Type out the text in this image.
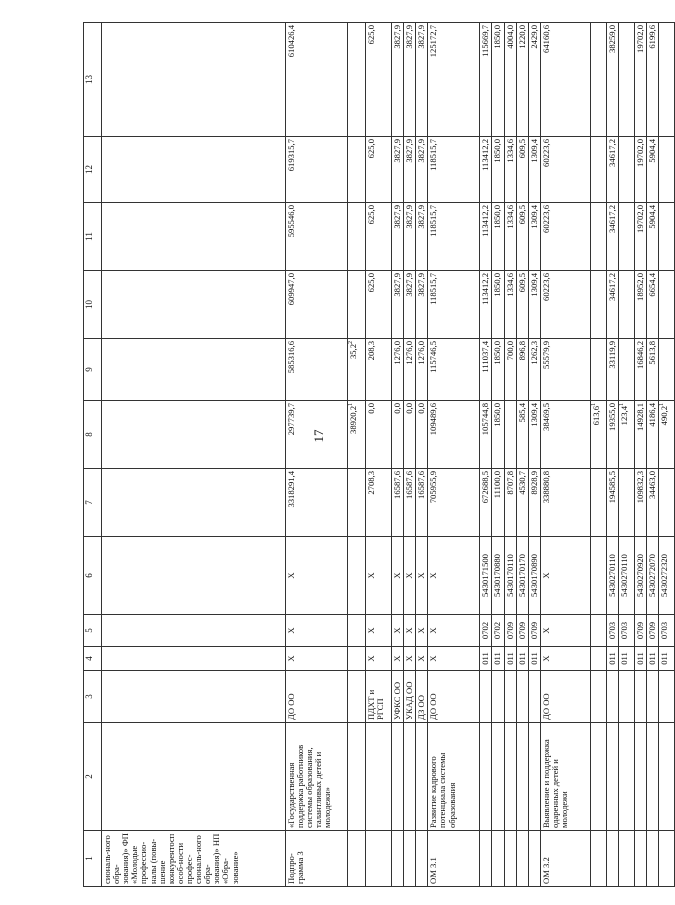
17
1	2	3	4	5	6	7	8	9	10	11	12	13
сиональ-ного обра-зования)» ФП «Молодые профессио-налы (повы-шение конкурентоспособ-ности профес-сиональ-ного обра-зования)» НП «Обра-зование»												
Подпро-грамма 3	«Государственная поддержка работников системы образования, талантливых детей и молодежи»	ДО ОО	X	X	X	3318291,4	297739,7	585316,6	609947,0	595546,0	619315,7	610426,4
							38920,2$^1$	35,2$^2$				
		ПДХТ и РГСП	X	X	X	2708,3	0,0	208,3	625,0	625,0	625,0	625,0
		УФКС ОО	X	X	X	16587,6	0,0	1276,0	3827,9	3827,9	3827,9	3827,9
		УКАД ОО	X	X	X	16587,6	0,0	1276,0	3827,9	3827,9	3827,9	3827,9
		ДЗ ОО	X	X	X	16587,6	0,0	1276,0	3827,9	3827,9	3827,9	3827,9
ОМ 3.1	Развитие кадрового потенциала системы образования	ДО ОО	X	X	X	705955,9	109489,6	115746,5	118515,7	118515,7	118515,7	125172,7
			011	0702	5430171500	672688,5	105744,8	111037,4	113412,2	113412,2	113412,2	115669,7
			011	0702	5430170880	11100,0	1850,0	1850,0	1850,0	1850,0	1850,0	1850,0
			011	0709	5430170110	8707,8		700,0	1334,6	1334,6	1334,6	4004,0
			011	0709	5430170170	4530,7	585,4	896,8	609,5	609,5	609,5	1220,0
			011	0709	5430170890	8928,9	1309,4	1262,3	1309,4	1309,4	1309,4	2429,0
ОМ 3.2	Выявление и поддержка одаренных детей и молодежи	ДО ОО	X	X	X	338880,8	38469,5	55579,9	60223,6	60223,6	60223,6	64160,6
							613,6$^1$					
			011	0703	5430270110	194585,5	19355,0	33119,9	34617,2	34617,2	34617,2	38259,0
			011	0703	5430270110		123,4$^1$					
			011	0709	5430270920	109832,3	14928,1	16846,2	18952,0	19702,0	19702,0	19702,0
			011	0709	5430272070	34463,0	4186,4	5613,8	6654,4	5904,4	5904,4	6199,6
			011	0703	5430272320		490,2$^1$					
